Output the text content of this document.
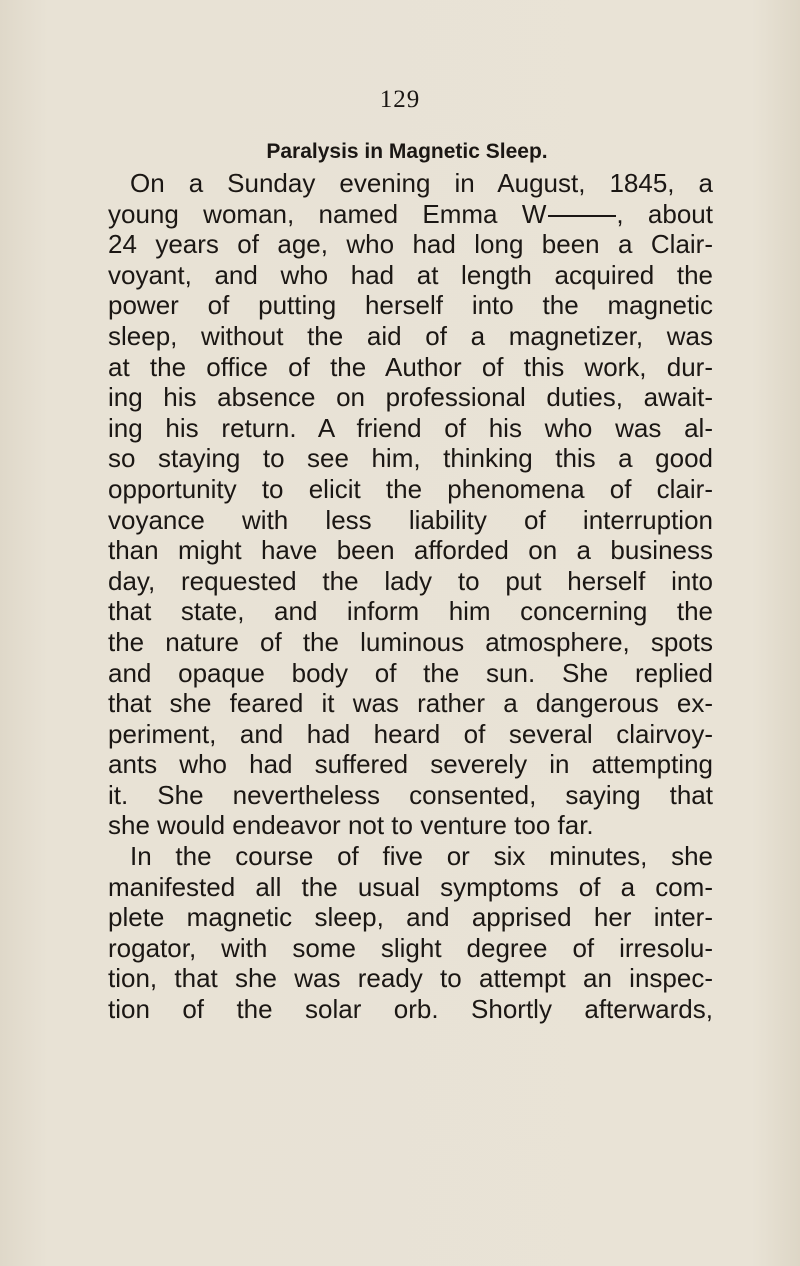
129
Paralysis in Magnetic Sleep.
On a Sunday evening in August, 1845, a
young woman, named Emma W	, about
24 years of age, who had long been a Clair-
voyant, and who had at length acquired the
power of putting herself into the magnetic
sleep, without the aid of a magnetizer, was
at the office of the Author of this work, dur-
ing his absence on professional duties, await-
ing his return. A friend of his who was al-
so staying to see him, thinking this a good
opportunity to elicit the phenomena of clair-
voyance with less liability of interruption
than might have been afforded on a business
day, requested the lady to put herself into
that state, and inform him concerning the
the nature of the luminous atmosphere, spots
and opaque body of the sun. She replied
that she feared it was rather a dangerous ex-
periment, and had heard of several clairvoy-
ants who had suffered severely in attempting
it. She nevertheless consented, saying that
she would endeavor not to venture too far.
In the course of five or six minutes, she
manifested all the usual symptoms of a com-
plete magnetic sleep, and apprised her inter-
rogator, with some slight degree of irresolu-
tion, that she was ready to attempt an inspec-
tion of the solar orb. Shortly afterwards,
